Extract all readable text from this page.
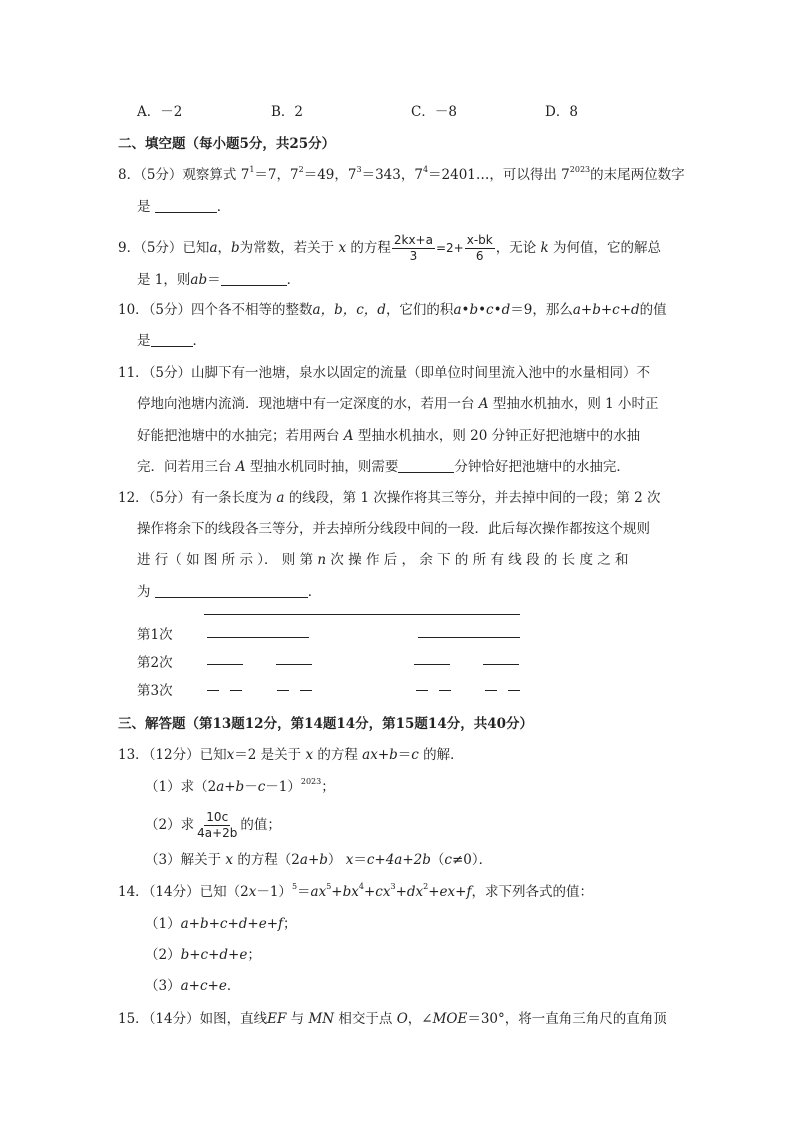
A．－2	B．2	C．－8	D．8
二、填空题（每小题5分，共25分）
8．（5分）观察算式 $7^1=7$，$7^2=49$，$7^3=343$，$7^4=2401\dots$，可以得出 $7^{2023}$的末尾两位数字
是	．
9．（5分）已知a，b为常数，若关于 x 的方程 $\frac{2kx+a}{3} =2+ \frac{x-bk}{6}$ ，无论 k 为何值，它的解总
是 1，则ab＝	．
10．（5分）四个各不相等的整数a，b，c，d，它们的积a•b•c•d＝9，那么a+b+c+d的值
是	．
11．（5分）山脚下有一池塘，泉水以固定的流量（即单位时间里流入池中的水量相同）不
停地向池塘内流淌．现池塘中有一定深度的水，若用一台 A 型抽水机抽水，则 1 小时正
好能把池塘中的水抽完；若用两台 A 型抽水机抽水，则 20 分钟正好把池塘中的水抽
完．问若用三台 A 型抽水机同时抽，则需要	分钟恰好把池塘中的水抽完．
12．（5分）有一条长度为 a 的线段，第 1 次操作将其三等分，并去掉中间的一段；第 2 次
操作将余下的线段各三等分，并去掉所分线段中间的一段．此后每次操作都按这个规则
进 行（ 如 图 所 示 ）． 则 第 n 次 操 作 后 ， 余 下 的 所 有 线 段 的 长 度 之 和
为	．
第1次
第2次
第3次
三、解答题（第13题12分，第14题14分，第15题14分，共40分）
13．（12分）已知x＝2 是关于 x 的方程 ax+b＝c 的解．
（1）求$(2a+b-c-1)^{2023}$；
（2）求 $\frac{10c}{4a+2b}$ 的值；
（3）解关于 x 的方程（2a+b） x＝c+4a+2b（c≠0）．
14．（14分）已知$(2x-1)^5=ax^5+bx^4+cx^3+dx^2+ex+f$，求下列各式的值：
（1）a+b+c+d+e+f；
（2）b+c+d+e；
（3）a+c+e．
15．（14分）如图，直线EF 与 MN 相交于点 O，∠MOE＝30°，将一直角三角尺的直角顶
